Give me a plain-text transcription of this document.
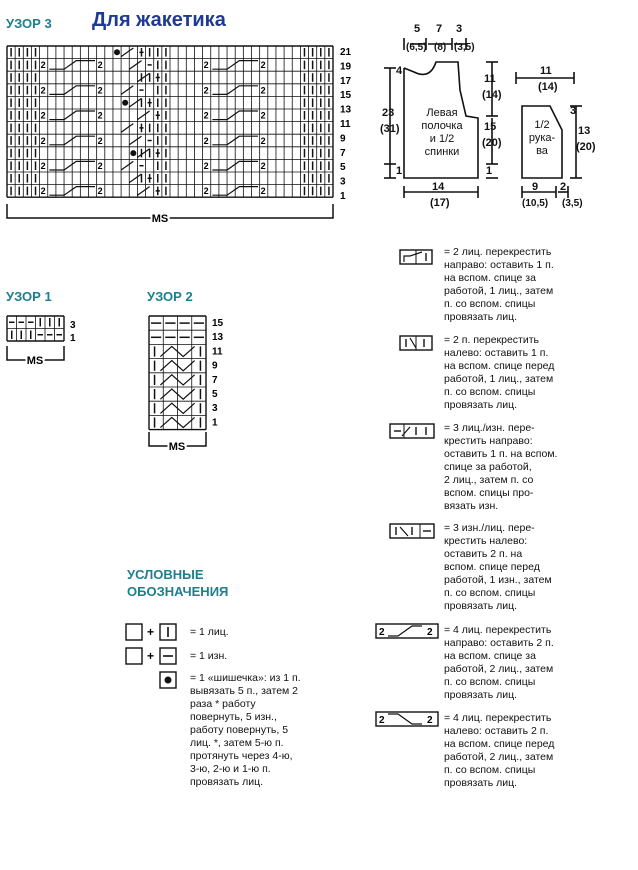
УЗОР 3 Для жакетика
2	2
2	2
2	2
2	2
2	2
2	2
2	2
2	2
2	2
2	2
2	2
2	2
21
19
17
15
13
11
9
7
5
3
1
MS
5
(6,5)
7
(8)
3
(3,5)
4
23
(31)
1
11
(14)
15
(20)
1
14
(17)
11
(14)
3
13
(20)
9
(10,5)
2
(3,5)
Левая полочка и 1/2 спинки
1/2 рука-ва
УЗОР 1
3
1
MS
УЗОР 2
15
13
11
9
7
5
3
1
MS
УСЛОВНЫЕ
ОБОЗНАЧЕНИЯ
+
+
= 1 лиц.
= 1 изн.
= 1 «шишечка»: из 1 п.
вывязать 5 п., затем 2
раза * работу
повернуть, 5 изн.,
работу повернуть, 5
лиц. *, затем 5-ю п.
протянуть через 4-ю,
3-ю, 2-ю и 1-ю п.
провязать лиц.
2	2
2	2
= 2 лиц. перекрестить
направо: оставить 1 п.
на вспом. спице за
работой, 1 лиц., затем
п. со вспом. спицы
провязать лиц.
= 2 п. перекрестить
налево: оставить 1 п.
на вспом. спице перед
работой, 1 лиц., затем
п. со вспом. спицы
провязать лиц.
= 3 лиц./изн. пере-
крестить направо:
оставить 1 п. на вспом.
спице за работой,
2 лиц., затем п. со
вспом. спицы про-
вязать изн.
= 3 изн./лиц. пере-
крестить налево:
оставить 2 п. на
вспом. спице перед
работой, 1 изн., затем
п. со вспом. спицы
провязать лиц.
= 4 лиц. перекрестить
направо: оставить 2 п.
на вспом. спице за
работой, 2 лиц., затем
п. со вспом. спицы
провязать лиц.
= 4 лиц. перекрестить
налево: оставить 2 п.
на вспом. спице перед
работой, 2 лиц., затем
п. со вспом. спицы
провязать лиц.
